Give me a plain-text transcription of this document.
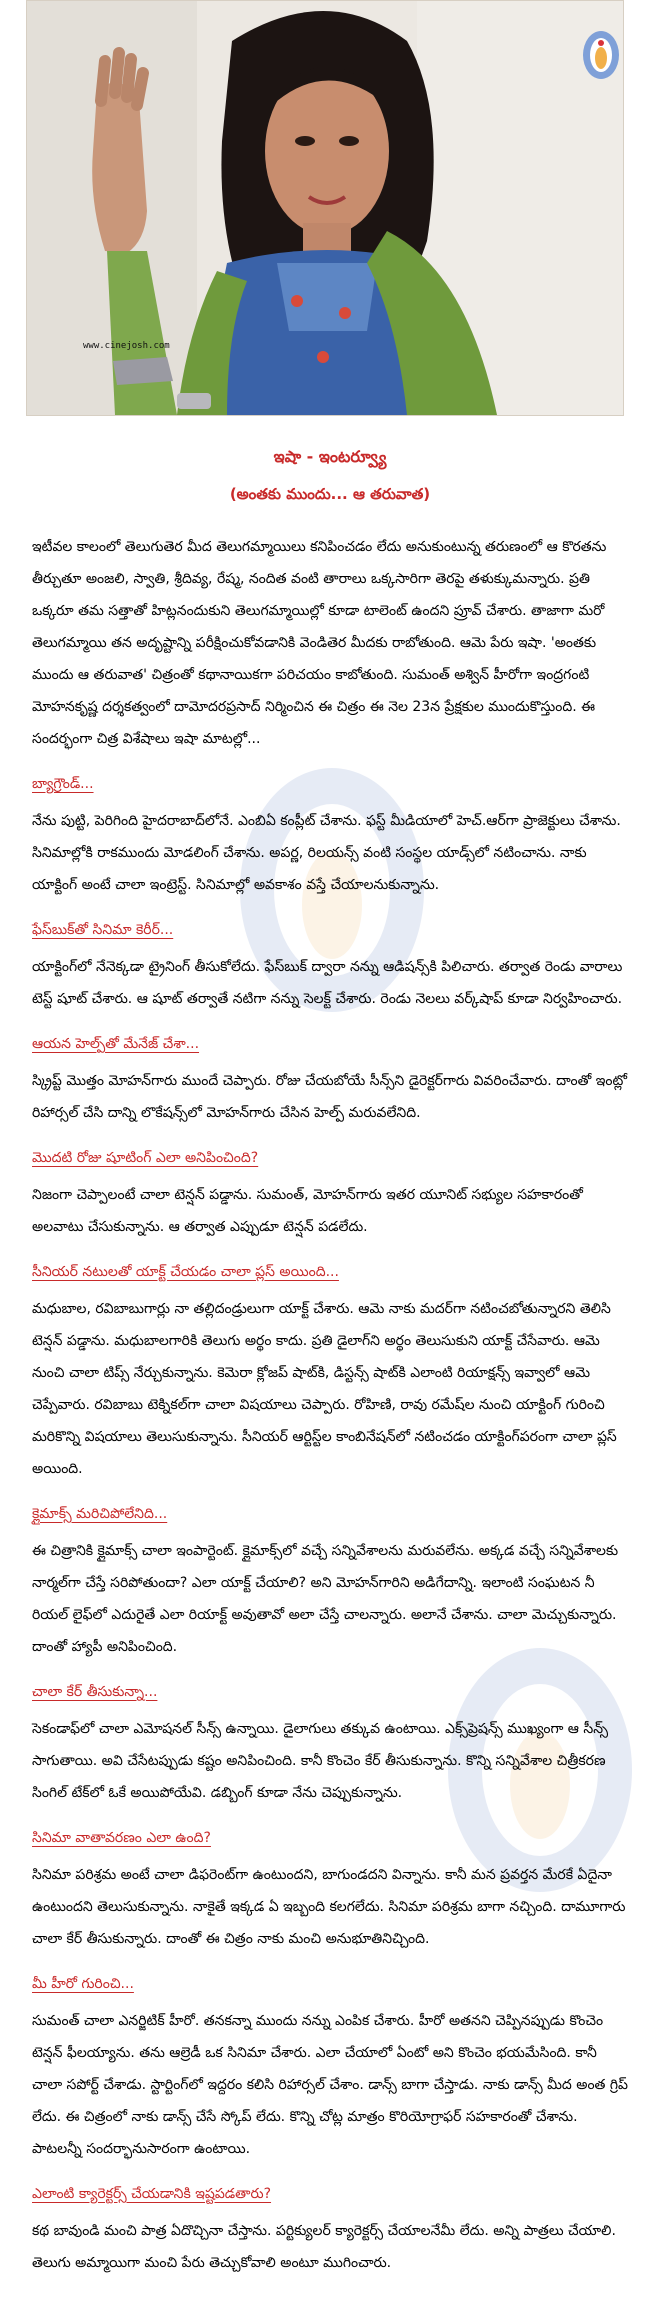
www.cinejosh.com
ఇషా - ఇంటర్వ్యూ
(అంతకు ముందు... ఆ తరువాత)

ఇటీవల కాలంలో తెలుగుతెర మీద తెలుగమ్మాయిలు కనిపించడం లేదు అనుకుంటున్న తరుణంలో ఆ కొరతను తీర్చుతూ అంజలి, స్వాతి, శ్రీదివ్య, రేష్మ, నందిత వంటి తారాలు ఒక్కసారిగా తెరపై తళుక్కుమన్నారు. ప్రతి ఒక్కరూ తమ సత్తాతో హిట్లనందుకుని తెలుగమ్మాయిల్లో కూడా టాలెంట్ ఉందని ప్రూవ్ చేశారు. తాజాగా మరో తెలుగమ్మాయి తన అదృష్టాన్ని పరీక్షించుకోవడానికి వెండితెర మీదకు రాబోతుంది. ఆమె పేరు ఇషా. 'అంతకు ముందు ఆ తరువాత' చిత్రంతో కథానాయికగా పరిచయం కాబోతుంది. సుమంత్ అశ్విన్ హీరోగా ఇంద్రగంటి మోహనకృష్ణ దర్శకత్వంలో దామోదరప్రసాద్ నిర్మించిన ఈ చిత్రం ఈ నెల 23న ప్రేక్షకుల ముందుకొస్తుంది. ఈ సందర్భంగా చిత్ర విశేషాలు ఇషా మాటల్లో...

బ్యాగ్రౌండ్...

నేను పుట్టి, పెరిగింది హైదరాబాద్‌లోనే. ఎంబిఏ కంప్లీట్ చేశాను. ఫస్ట్ మీడియాలో హెచ్.ఆర్‌గా ప్రాజెక్టులు చేశాను. సినిమాల్లోకి రాకముందు మోడలింగ్ చేశాను. అపర్ణ, రిలయన్స్ వంటి సంస్థల యాడ్స్‌లో నటించాను. నాకు యాక్టింగ్ అంటే చాలా ఇంట్రెస్ట్. సినిమాల్లో అవకాశం వస్తే చేయాలనుకున్నాను.

ఫేస్‌బుక్‌తో సినిమా కెరీర్...

యాక్టింగ్‌లో నేనెక్కడా ట్రైనింగ్ తీసుకోలేదు. ఫేస్‌బుక్ ద్వారా నన్ను ఆడిషన్స్‌కి పిలిచారు. తర్వాత రెండు వారాలు టెస్ట్ షూట్ చేశారు. ఆ షూట్ తర్వాతే నటిగా నన్ను సెలక్ట్ చేశారు. రెండు నెలలు వర్క్‌షాప్ కూడా నిర్వహించారు.

ఆయన హెల్ప్‌తో మేనేజ్ చేశా...

స్క్రిప్ట్ మొత్తం మోహన్‌గారు ముందే చెప్పారు. రోజు చేయబోయే సీన్స్‌ని డైరెక్టర్‌గారు వివరించేవారు. దాంతో ఇంట్లో రిహార్సల్ చేసి దాన్ని లొకేషన్స్‌లో మోహన్‌గారు చేసిన హెల్ప్ మరువలేనిది.

మొదటి రోజు షూటింగ్ ఎలా అనిపించింది?

నిజంగా చెప్పాలంటే చాలా టెన్షన్ పడ్డాను. సుమంత్, మోహన్‌గారు ఇతర యూనిట్ సభ్యుల సహకారంతో అలవాటు చేసుకున్నాను. ఆ తర్వాత ఎప్పుడూ టెన్షన్ పడలేదు.

సీనియర్ నటులతో యాక్ట్ చేయడం చాలా ప్లస్ అయింది...

మధుబాల, రవిబాబుగార్లు నా తల్లిదండ్రులుగా యాక్ట్ చేశారు. ఆమె నాకు మదర్‌గా నటించబోతున్నారని తెలిసి టెన్షన్ పడ్డాను. మధుబాలగారికి తెలుగు అర్థం కాదు. ప్రతి డైలాగ్‌ని అర్థం తెలుసుకుని యాక్ట్ చేసేవారు. ఆమె నుంచి చాలా టిప్స్ నేర్చుకున్నాను. కెమెరా క్లోజప్ షాట్‌కి, డిస్టన్స్ షాట్‌కి ఎలాంటి రియాక్షన్స్ ఇవ్వాలో ఆమె చెప్పేవారు. రవిబాబు టెక్నికల్‌గా చాలా విషయాలు చెప్పారు. రోహిణి, రావు రమేష్‌ల నుంచి యాక్టింగ్ గురించి మరికొన్ని విషయాలు తెలుసుకున్నాను. సీనియర్ ఆర్టిస్ట్‌ల కాంబినేషన్‌లో నటించడం యాక్టింగ్‌పరంగా చాలా ప్లస్ అయింది.

క్లైమాక్స్ మరిచిపోలేనిది...

ఈ చిత్రానికి క్లైమాక్స్ చాలా ఇంపార్టెంట్. క్లైమాక్స్‌లో వచ్చే సన్నివేశాలను మరువలేను. అక్కడ వచ్చే సన్నివేశాలకు నార్మల్‌గా చేస్తే సరిపోతుందా? ఎలా యాక్ట్ చేయాలి? అని మోహన్‌గారిని అడిగేదాన్ని. ఇలాంటి సంఘటన నీ రియల్ లైఫ్‌లో ఎదురైతే ఎలా రియాక్ట్ అవుతావో అలా చేస్తే చాలన్నారు. అలానే చేశాను. చాలా మెచ్చుకున్నారు. దాంతో హ్యాపీ అనిపించింది.

చాలా కేర్ తీసుకున్నా...

సెకండాఫ్‌లో చాలా ఎమోషనల్ సీన్స్ ఉన్నాయి. డైలాగులు తక్కువ ఉంటాయి. ఎక్స్‌ప్రెషన్స్ ముఖ్యంగా ఆ సీన్స్ సాగుతాయి. అవి చేసేటప్పుడు కష్టం అనిపించింది. కానీ కొంచెం కేర్ తీసుకున్నాను. కొన్ని సన్నివేశాల చిత్రీకరణ సింగిల్ టేక్‌లో ఓకే అయిపోయేవి. డబ్బింగ్ కూడా నేను చెప్పుకున్నాను.

సినిమా వాతావరణం ఎలా ఉంది?

సినిమా పరిశ్రమ అంటే చాలా డిఫరెంట్‌గా ఉంటుందని, బాగుండదని విన్నాను. కానీ మన ప్రవర్తన మేరకే ఏదైనా ఉంటుందని తెలుసుకున్నాను. నాకైతే ఇక్కడ ఏ ఇబ్బంది కలగలేదు. సినిమా పరిశ్రమ బాగా నచ్చింది. దామూగారు చాలా కేర్ తీసుకున్నారు. దాంతో ఈ చిత్రం నాకు మంచి అనుభూతినిచ్చింది.

మీ హీరో గురించి...

సుమంత్ చాలా ఎనర్జిటిక్ హీరో. తనకన్నా ముందు నన్ను ఎంపిక చేశారు. హీరో అతనని చెప్పినప్పుడు కొంచెం టెన్షన్ ఫీలయ్యాను. తను ఆల్రెడీ ఒక సినిమా చేశారు. ఎలా చేయాలో ఏంటో అని కొంచెం భయమేసింది. కానీ చాలా సపోర్ట్ చేశాడు. స్టార్టింగ్‌లో ఇద్దరం కలిసి రిహార్సల్ చేశాం. డాన్స్ బాగా చేస్తాడు. నాకు డాన్స్ మీద అంత గ్రిప్ లేదు. ఈ చిత్రంలో నాకు డాన్స్ చేసే స్కోప్ లేదు. కొన్ని చోట్ల మాత్రం కొరియోగ్రాఫర్ సహకారంతో చేశాను. పాటలన్నీ సందర్భానుసారంగా ఉంటాయి.

ఎలాంటి క్యారెక్టర్స్ చేయడానికి ఇష్టపడతారు?

కథ బావుండి మంచి పాత్ర ఏదొచ్చినా చేస్తాను. పర్టిక్యులర్ క్యారెక్టర్స్ చేయాలనేమీ లేదు. అన్ని పాత్రలు చేయాలి. తెలుగు అమ్మాయిగా మంచి పేరు తెచ్చుకోవాలి అంటూ ముగించారు.
